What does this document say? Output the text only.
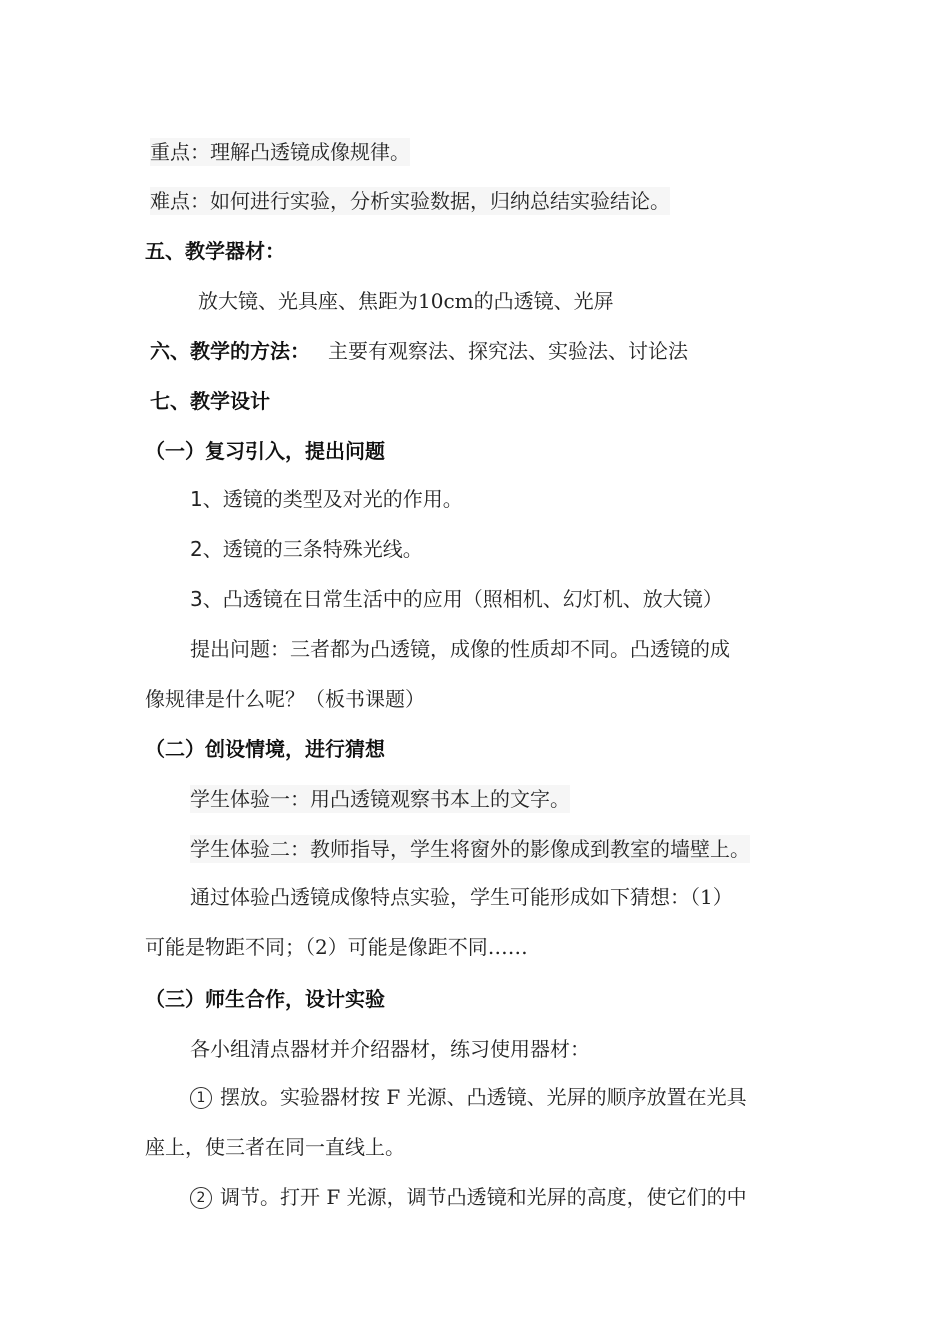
重点：理解凸透镜成像规律。
难点：如何进行实验，分析实验数据，归纳总结实验结论。
五、教学器材：
放大镜、光具座、焦距为10cm的凸透镜、光屏
六、教学的方法： 主要有观察法、探究法、实验法、讨论法
七、教学设计
（一）复习引入，提出问题
1、透镜的类型及对光的作用。
2、透镜的三条特殊光线。
3、凸透镜在日常生活中的应用（照相机、幻灯机、放大镜）
提出问题：三者都为凸透镜，成像的性质却不同。凸透镜的成
像规律是什么呢？（板书课题）
（二）创设情境，进行猜想
学生体验一：用凸透镜观察书本上的文字。
学生体验二：教师指导，学生将窗外的影像成到教室的墙壁上。
通过体验凸透镜成像特点实验，学生可能形成如下猜想：（1）
可能是物距不同；（2）可能是像距不同……
（三）师生合作，设计实验
各小组清点器材并介绍器材，练习使用器材：
1 摆放。实验器材按 F 光源、凸透镜、光屏的顺序放置在光具
座上，使三者在同一直线上。
2 调节。打开 F 光源，调节凸透镜和光屏的高度，使它们的中
